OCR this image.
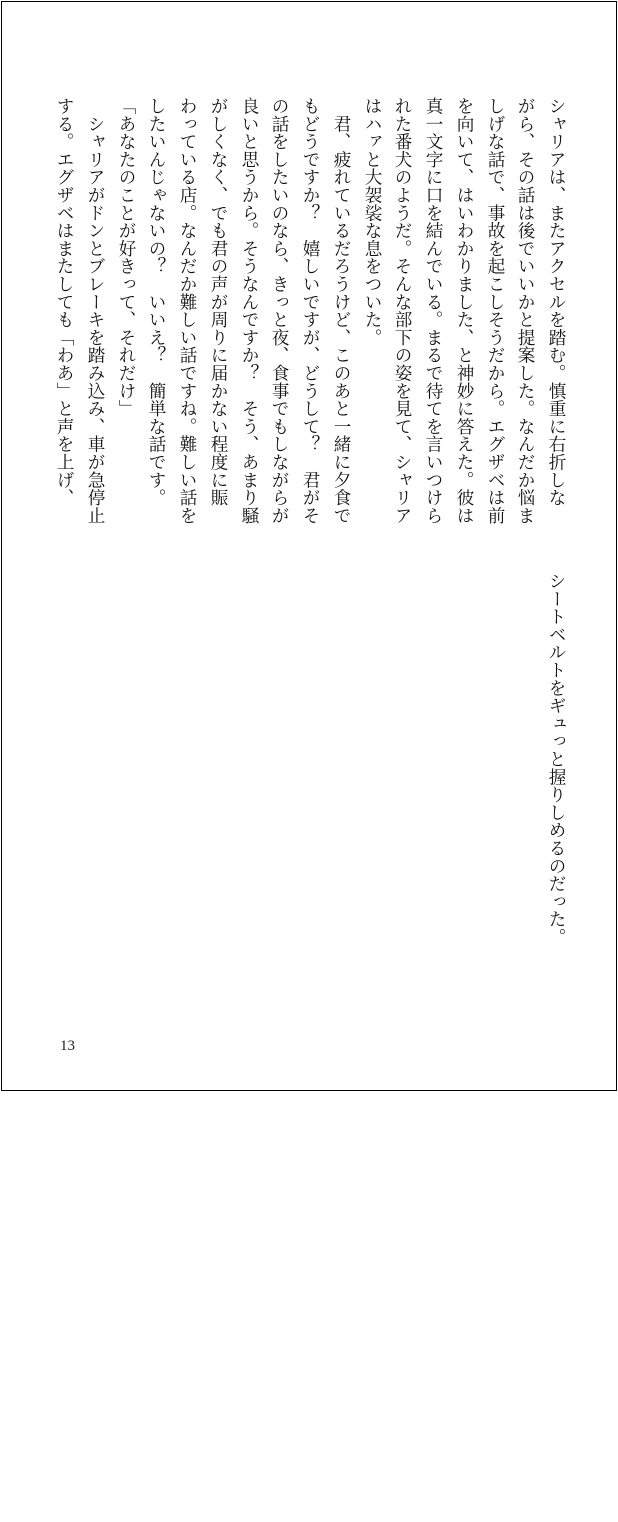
シートベルトをギュっと握りしめるのだった。
シャリアは、またアクセルを踏む。慎重に右折しな
がら、その話は後でいいかと提案した。なんだか悩ま
しげな話で、事故を起こしそうだから。エグザベは前
を向いて、はいわかりました、と神妙に答えた。彼は
真一文字に口を結んでいる。まるで待てを言いつけら
れた番犬のようだ。そんな部下の姿を見て、シャリア
はハァと大袈裟な息をついた。
　君、疲れているだろうけど、このあと一緒に夕食で
もどうですか？　嬉しいですが、どうして？　君がそ
の話をしたいのなら、きっと夜、食事でもしながらが
良いと思うから。そうなんですか？　そう、あまり騒
がしくなく、でも君の声が周りに届かない程度に賑
わっている店。なんだか難しい話ですね。難しい話を
したいんじゃないの？　いいえ？　簡単な話です。
「あなたのことが好きって、それだけ」
　シャリアがドンとブレーキを踏み込み、車が急停止
する。エグザベはまたしても「わあ」と声を上げ、
13
